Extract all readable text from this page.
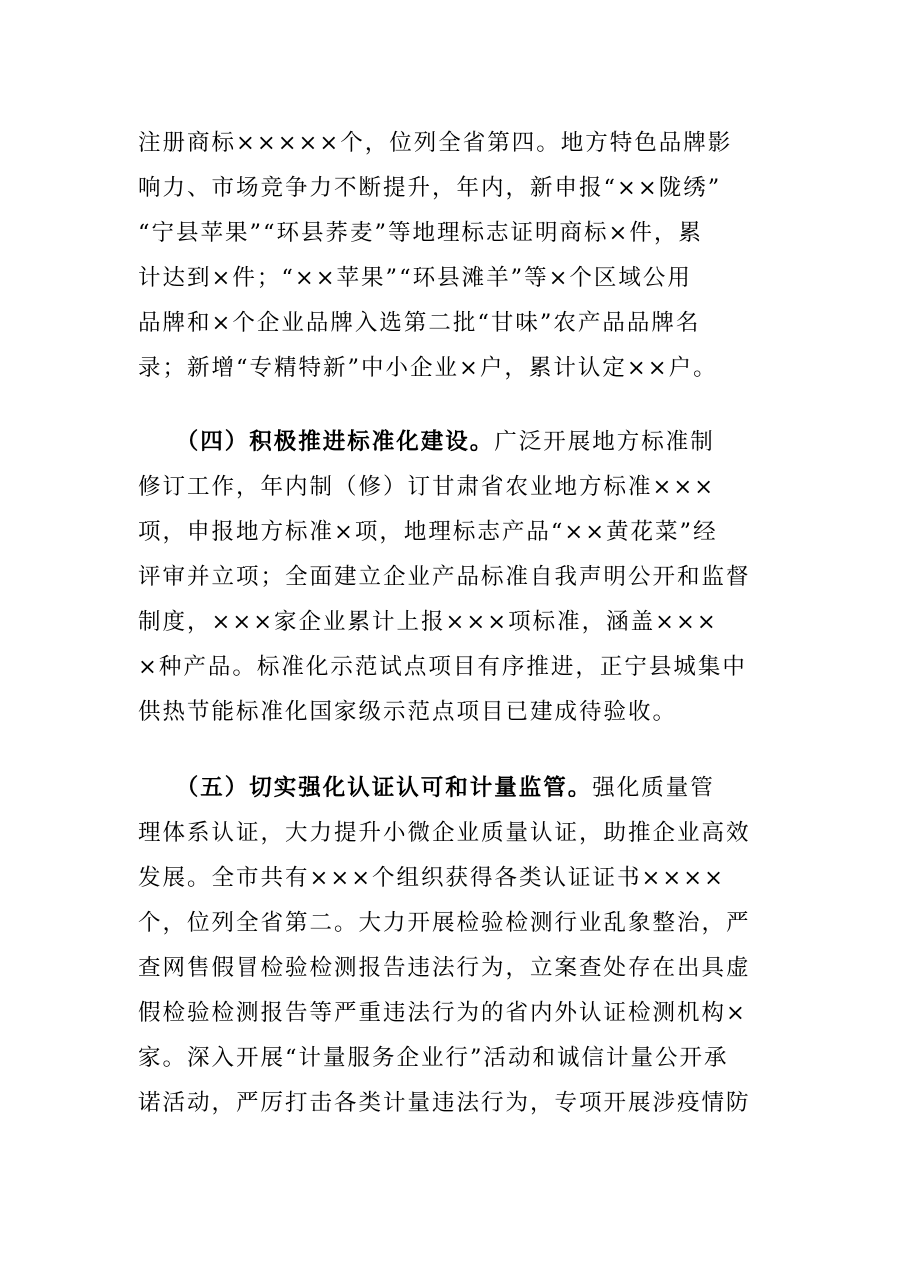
注册商标×××××个，位列全省第四。地方特色品牌影
响力、市场竞争力不断提升，年内，新申报“××陇绣”
“宁县苹果”“环县荞麦”等地理标志证明商标×件，累
计达到×件；“××苹果”“环县滩羊”等×个区域公用
品牌和×个企业品牌入选第二批“甘味”农产品品牌名
录；新增“专精特新”中小企业×户，累计认定××户。

　　（四）积极推进标准化建设。广泛开展地方标准制
修订工作，年内制（修）订甘肃省农业地方标准×××
项，申报地方标准×项，地理标志产品“××黄花菜”经
评审并立项；全面建立企业产品标准自我声明公开和监督
制度，×××家企业累计上报×××项标准，涵盖×××
×种产品。标准化示范试点项目有序推进，正宁县城集中
供热节能标准化国家级示范点项目已建成待验收。

　　（五）切实强化认证认可和计量监管。强化质量管
理体系认证，大力提升小微企业质量认证，助推企业高效
发展。全市共有×××个组织获得各类认证证书××××
个，位列全省第二。大力开展检验检测行业乱象整治，严
查网售假冒检验检测报告违法行为，立案查处存在出具虚
假检验检测报告等严重违法行为的省内外认证检测机构×
家。深入开展“计量服务企业行”活动和诚信计量公开承
诺活动，严厉打击各类计量违法行为，专项开展涉疫情防
